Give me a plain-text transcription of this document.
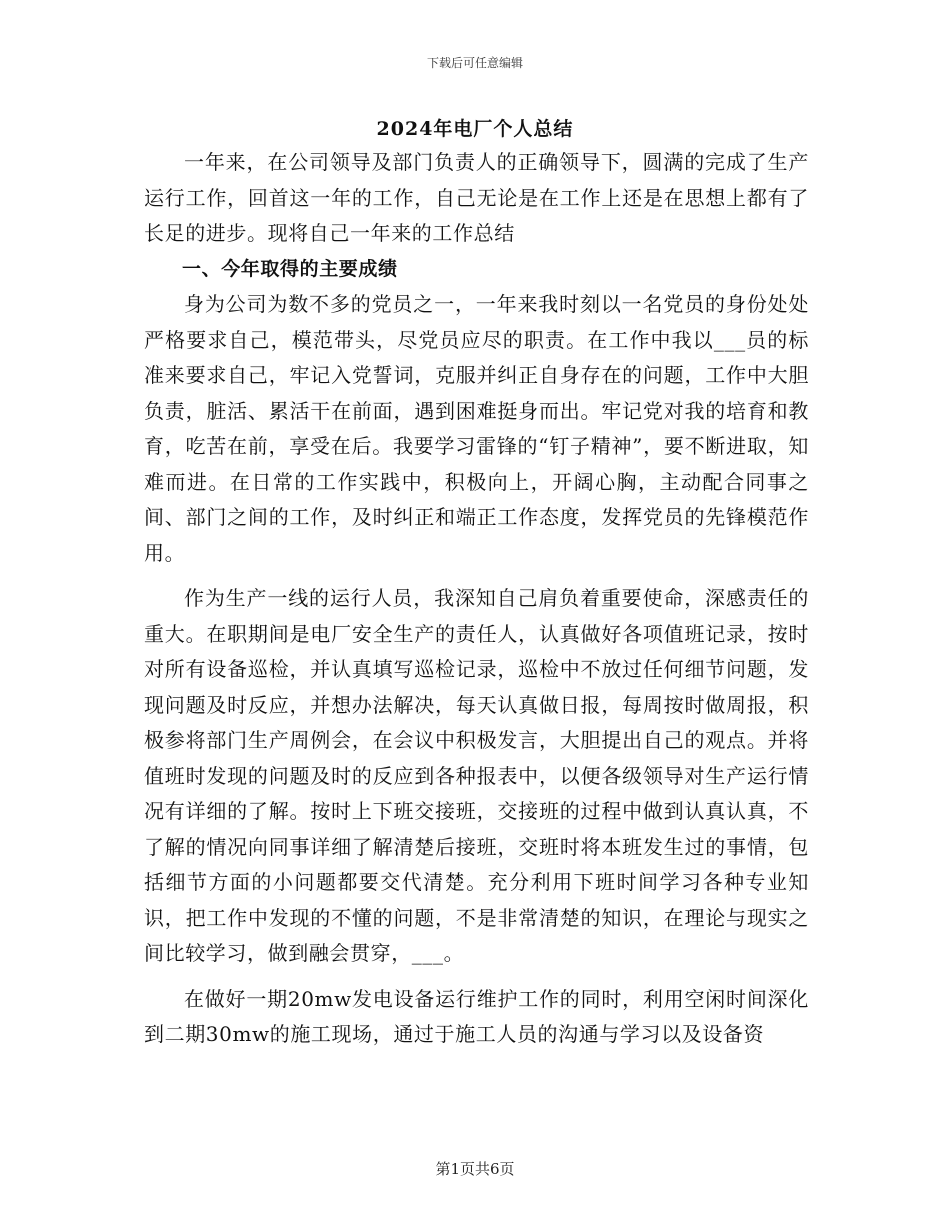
下载后可任意编辑
2024年电厂个人总结

一年来，在公司领导及部门负责人的正确领导下，圆满的完成了生产运行工作，回首这一年的工作，自己无论是在工作上还是在思想上都有了长足的进步。现将自己一年来的工作总结

一、今年取得的主要成绩

身为公司为数不多的党员之一，一年来我时刻以一名党员的身份处处严格要求自己，模范带头，尽党员应尽的职责。在工作中我以___员的标准来要求自己，牢记入党誓词，克服并纠正自身存在的问题，工作中大胆负责，脏活、累活干在前面，遇到困难挺身而出。牢记党对我的培育和教育，吃苦在前，享受在后。我要学习雷锋的“钉子精神”，要不断进取，知难而进。在日常的工作实践中，积极向上，开阔心胸，主动配合同事之间、部门之间的工作，及时纠正和端正工作态度，发挥党员的先锋模范作用。

作为生产一线的运行人员，我深知自己肩负着重要使命，深感责任的重大。在职期间是电厂安全生产的责任人，认真做好各项值班记录，按时对所有设备巡检，并认真填写巡检记录，巡检中不放过任何细节问题，发现问题及时反应，并想办法解决，每天认真做日报，每周按时做周报，积极参将部门生产周例会，在会议中积极发言，大胆提出自己的观点。并将值班时发现的问题及时的反应到各种报表中，以便各级领导对生产运行情况有详细的了解。按时上下班交接班，交接班的过程中做到认真认真，不了解的情况向同事详细了解清楚后接班，交班时将本班发生过的事情，包括细节方面的小问题都要交代清楚。充分利用下班时间学习各种专业知识，把工作中发现的不懂的问题，不是非常清楚的知识，在理论与现实之间比较学习，做到融会贯穿，___。

在做好一期20mw发电设备运行维护工作的同时，利用空闲时间深化到二期30mw的施工现场，通过于施工人员的沟通与学习以及设备资

第1页共6页
